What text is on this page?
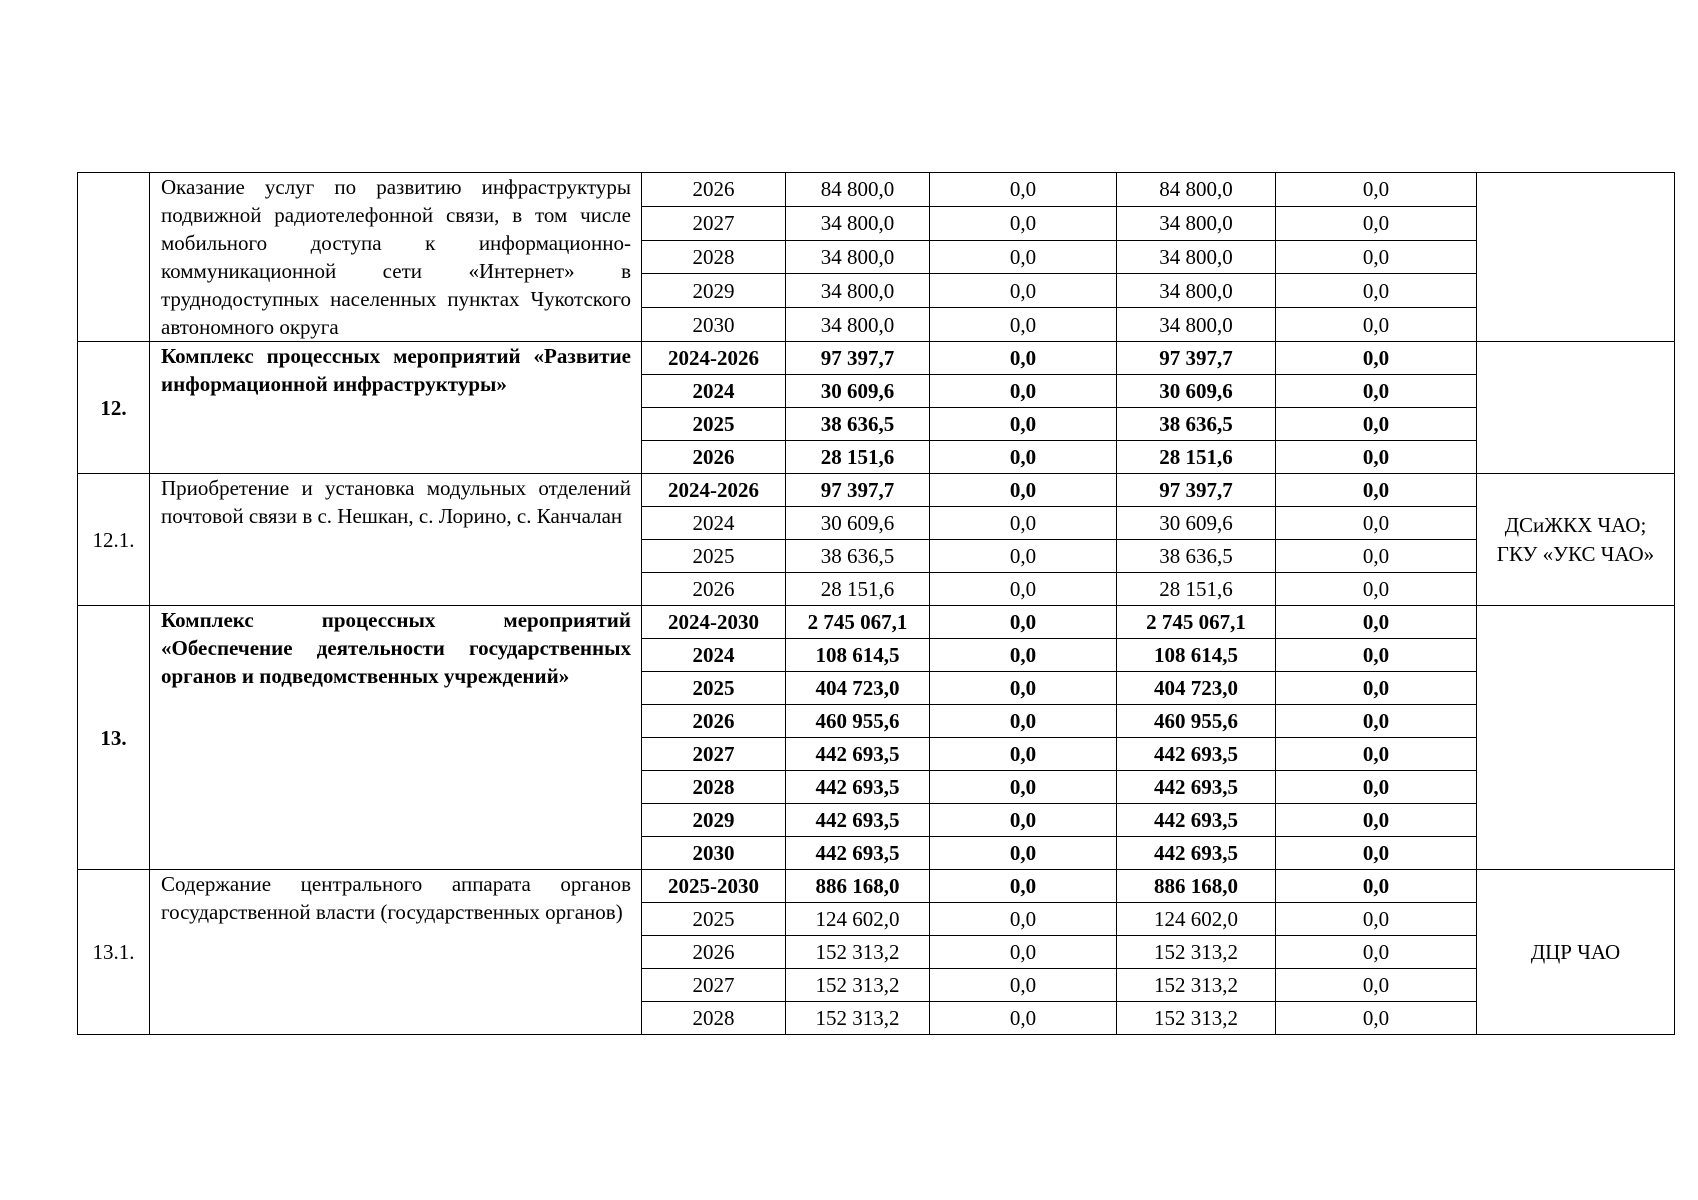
	Оказание услуг по развитию инфраструктуры подвижной радиотелефонной связи, в том числе мобильного доступа к информационно-коммуникационной сети «Интернет» в труднодоступных населенных пунктах Чукотского автономного округа	2026	84 800,0	0,0	84 800,0	0,0	
		2027	34 800,0	0,0	34 800,0	0,0	
		2028	34 800,0	0,0	34 800,0	0,0	
		2029	34 800,0	0,0	34 800,0	0,0	
		2030	34 800,0	0,0	34 800,0	0,0	
12.	Комплекс процессных мероприятий «Развитие информационной инфраструктуры»	2024-2026	97 397,7	0,0	97 397,7	0,0	
		2024	30 609,6	0,0	30 609,6	0,0	
		2025	38 636,5	0,0	38 636,5	0,0	
		2026	28 151,6	0,0	28 151,6	0,0	
12.1.	Приобретение и установка модульных отделений почтовой связи в с. Нешкан, с. Лорино, с. Канчалан	2024-2026	97 397,7	0,0	97 397,7	0,0	ДСиЖКХ ЧАО; ГКУ «УКС ЧАО»
		2024	30 609,6	0,0	30 609,6	0,0	
		2025	38 636,5	0,0	38 636,5	0,0	
		2026	28 151,6	0,0	28 151,6	0,0	
13.	Комплекс процессных мероприятий «Обеспечение деятельности государственных органов и подведомственных учреждений»	2024-2030	2 745 067,1	0,0	2 745 067,1	0,0	
		2024	108 614,5	0,0	108 614,5	0,0	
		2025	404 723,0	0,0	404 723,0	0,0	
		2026	460 955,6	0,0	460 955,6	0,0	
		2027	442 693,5	0,0	442 693,5	0,0	
		2028	442 693,5	0,0	442 693,5	0,0	
		2029	442 693,5	0,0	442 693,5	0,0	
		2030	442 693,5	0,0	442 693,5	0,0	
13.1.	Содержание центрального аппарата органов государственной власти (государственных органов)	2025-2030	886 168,0	0,0	886 168,0	0,0	ДЦР ЧАО
		2025	124 602,0	0,0	124 602,0	0,0	
		2026	152 313,2	0,0	152 313,2	0,0	
		2027	152 313,2	0,0	152 313,2	0,0	
		2028	152 313,2	0,0	152 313,2	0,0	
